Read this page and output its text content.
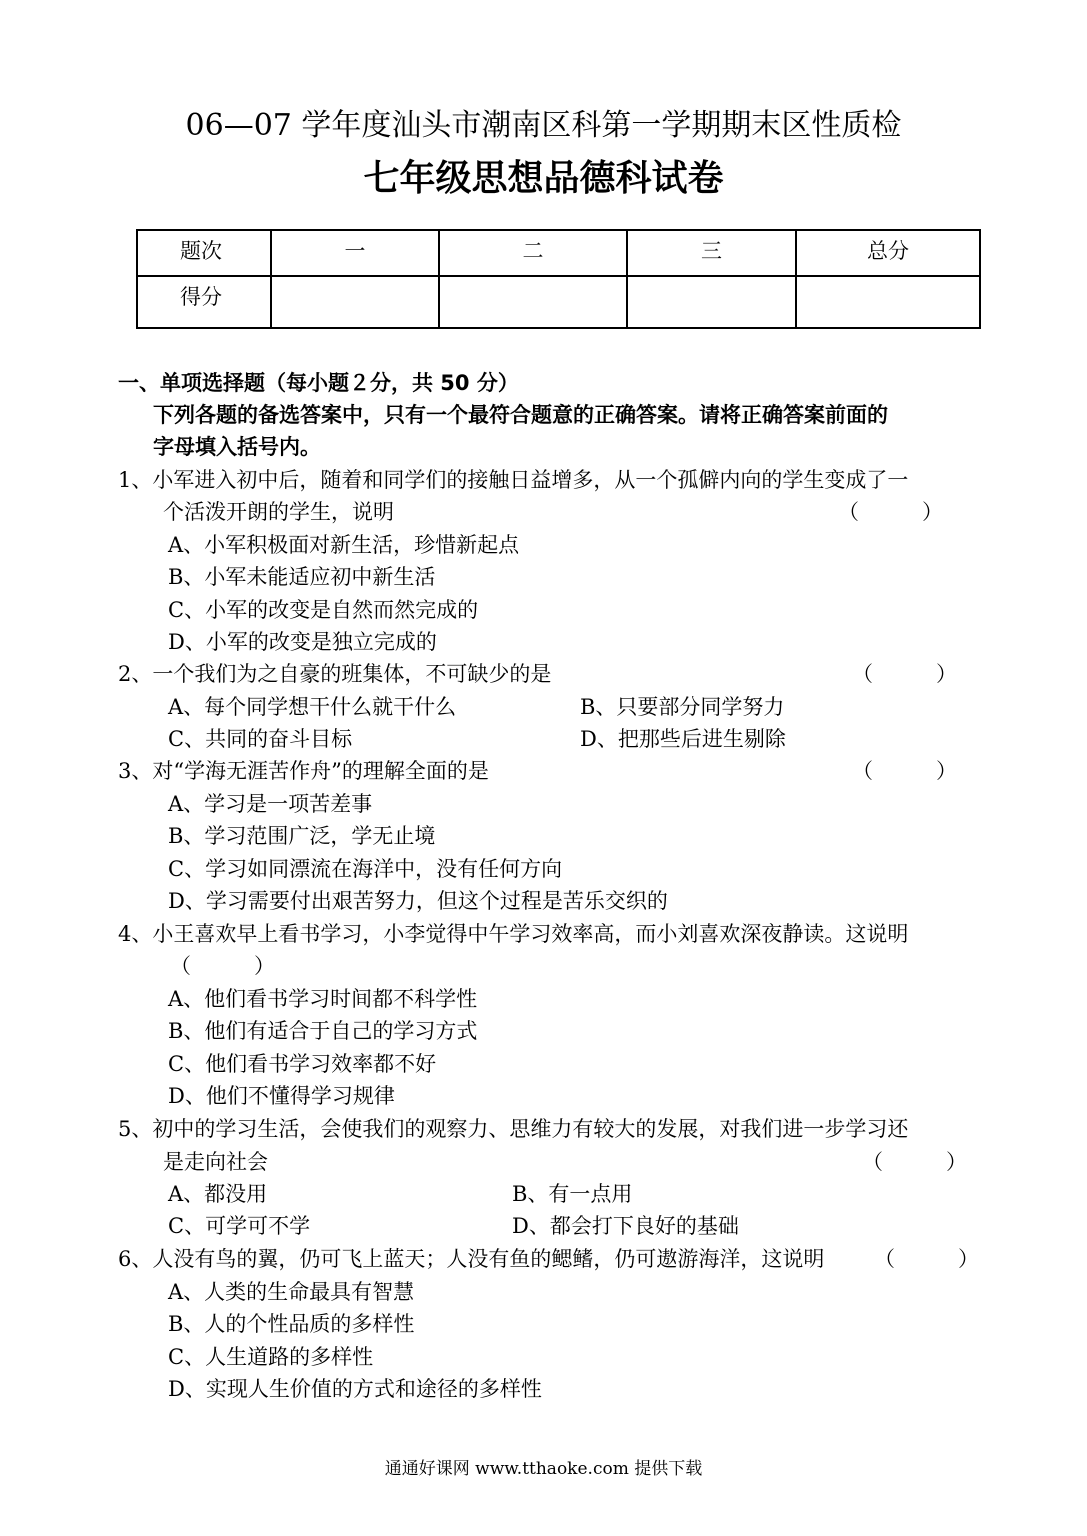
06—07 学年度汕头市潮南区科第一学期期末区性质检
七年级思想品德科试卷
题次	一	二	三	总分
得分				
一、单项选择题（每小题２分，共 50 分）
下列各题的备选答案中，只有一个最符合题意的正确答案。请将正确答案前面的
字母填入括号内。
1、小军进入初中后，随着和同学们的接触日益增多，从一个孤僻内向的学生变成了一
个活泼开朗的学生，说明	（　　　）
A、小军积极面对新生活，珍惜新起点
B、小军未能适应初中新生活
C、小军的改变是自然而然完成的
D、小军的改变是独立完成的
2、一个我们为之自豪的班集体，不可缺少的是	（　　　）
A、每个同学想干什么就干什么	B、只要部分同学努力
C、共同的奋斗目标	D、把那些后进生剔除
3、对“学海无涯苦作舟”的理解全面的是	（　　　）
A、学习是一项苦差事
B、学习范围广泛，学无止境
C、学习如同漂流在海洋中，没有任何方向
D、学习需要付出艰苦努力，但这个过程是苦乐交织的
4、小王喜欢早上看书学习，小李觉得中午学习效率高，而小刘喜欢深夜静读。这说明
（　　　）
A、他们看书学习时间都不科学性
B、他们有适合于自己的学习方式
C、他们看书学习效率都不好
D、他们不懂得学习规律
5、初中的学习生活，会使我们的观察力、思维力有较大的发展，对我们进一步学习还
是走向社会	（　　　）
A、都没用	B、有一点用
C、可学可不学	D、都会打下良好的基础
6、人没有鸟的翼，仍可飞上蓝天；人没有鱼的鳃鳍，仍可遨游海洋，这说明 （　　　）
A、人类的生命最具有智慧
B、人的个性品质的多样性
C、人生道路的多样性
D、实现人生价值的方式和途径的多样性
通通好课网 www.tthaoke.com 提供下载
